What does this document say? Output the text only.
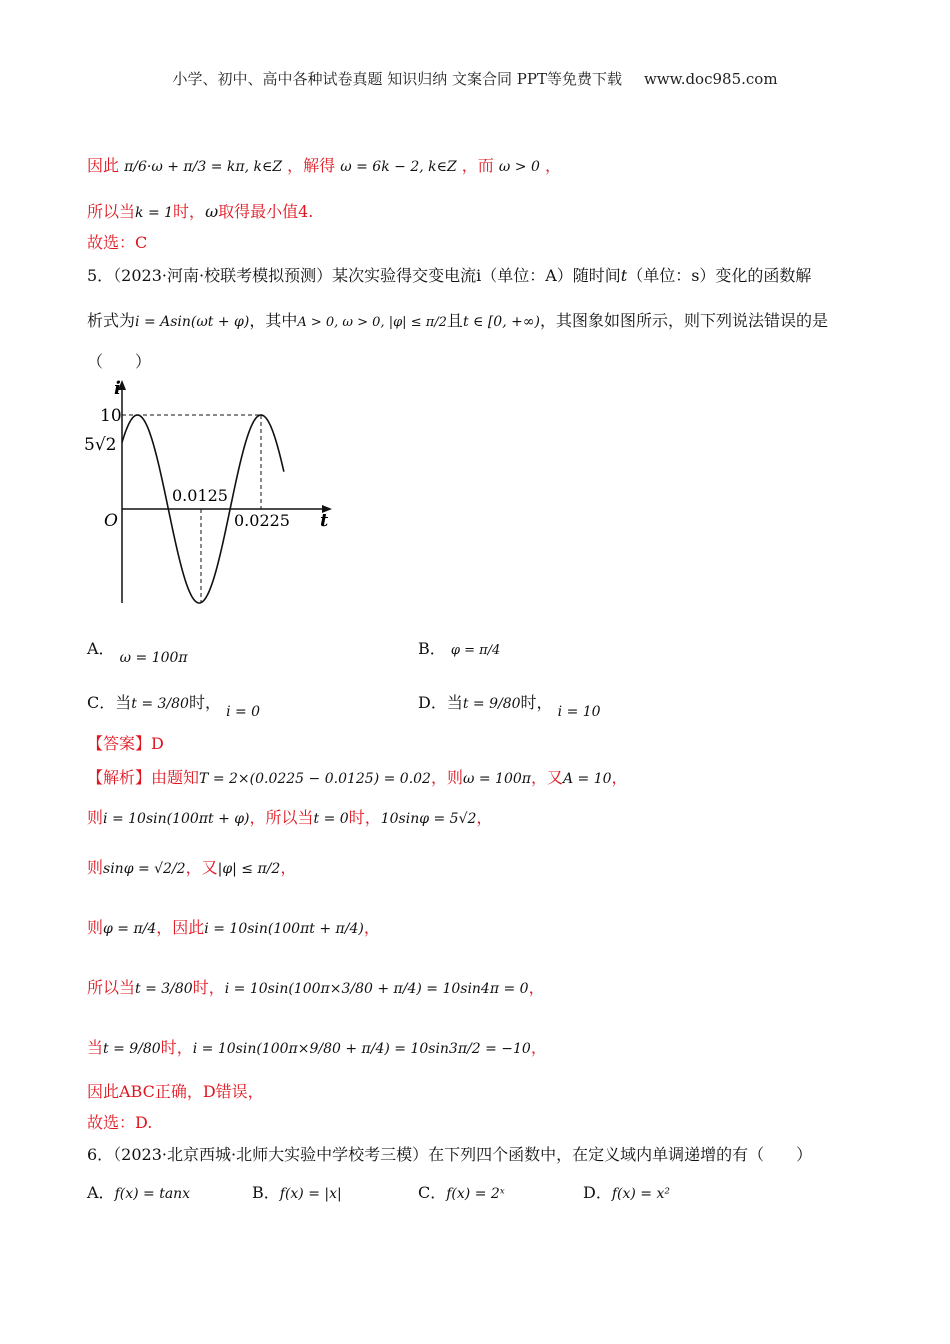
小学、初中、高中各种试卷真题 知识归纳 文案合同 PPT等免费下载 www.doc985.com
因此 π/6·ω + π/3 = kπ, k∈Z ，解得 ω = 6k − 2, k∈Z ，而 ω > 0 ，
所以当k = 1时，ω取得最小值4.
故选：C
5．（2023·河南·校联考模拟预测）某次实验得交变电流i（单位：A）随时间t（单位：s）变化的函数解
析式为i = Asin(ωt + φ)，其中A > 0, ω > 0, |φ| ≤ π/2且t ∈ [0, +∞)，其图象如图所示，则下列说法错误的是
（　　）
i
t
O
10
5√2
0.0125
0.0225
A． ω = 100π	B． φ = π/4
C．当t = 3/80时， i = 0	D．当t = 9/80时， i = 10
【答案】D
【解析】由题知T = 2×(0.0225 − 0.0125) = 0.02，则ω = 100π，又A = 10，
则i = 10sin(100πt + φ)，所以当t = 0时，10sinφ = 5√2，
则sinφ = √2/2，又|φ| ≤ π/2，
则φ = π/4，因此i = 10sin(100πt + π/4)，
所以当t = 3/80时，i = 10sin(100π×3/80 + π/4) = 10sin4π = 0，
当t = 9/80时，i = 10sin(100π×9/80 + π/4) = 10sin3π/2 = −10，
因此ABC正确，D错误，
故选：D.
6．（2023·北京西城·北师大实验中学校考三模）在下列四个函数中，在定义域内单调递增的有（　　）
A．f(x) = tanx	B．f(x) = |x|	C．f(x) = 2ˣ	D．f(x) = x²
